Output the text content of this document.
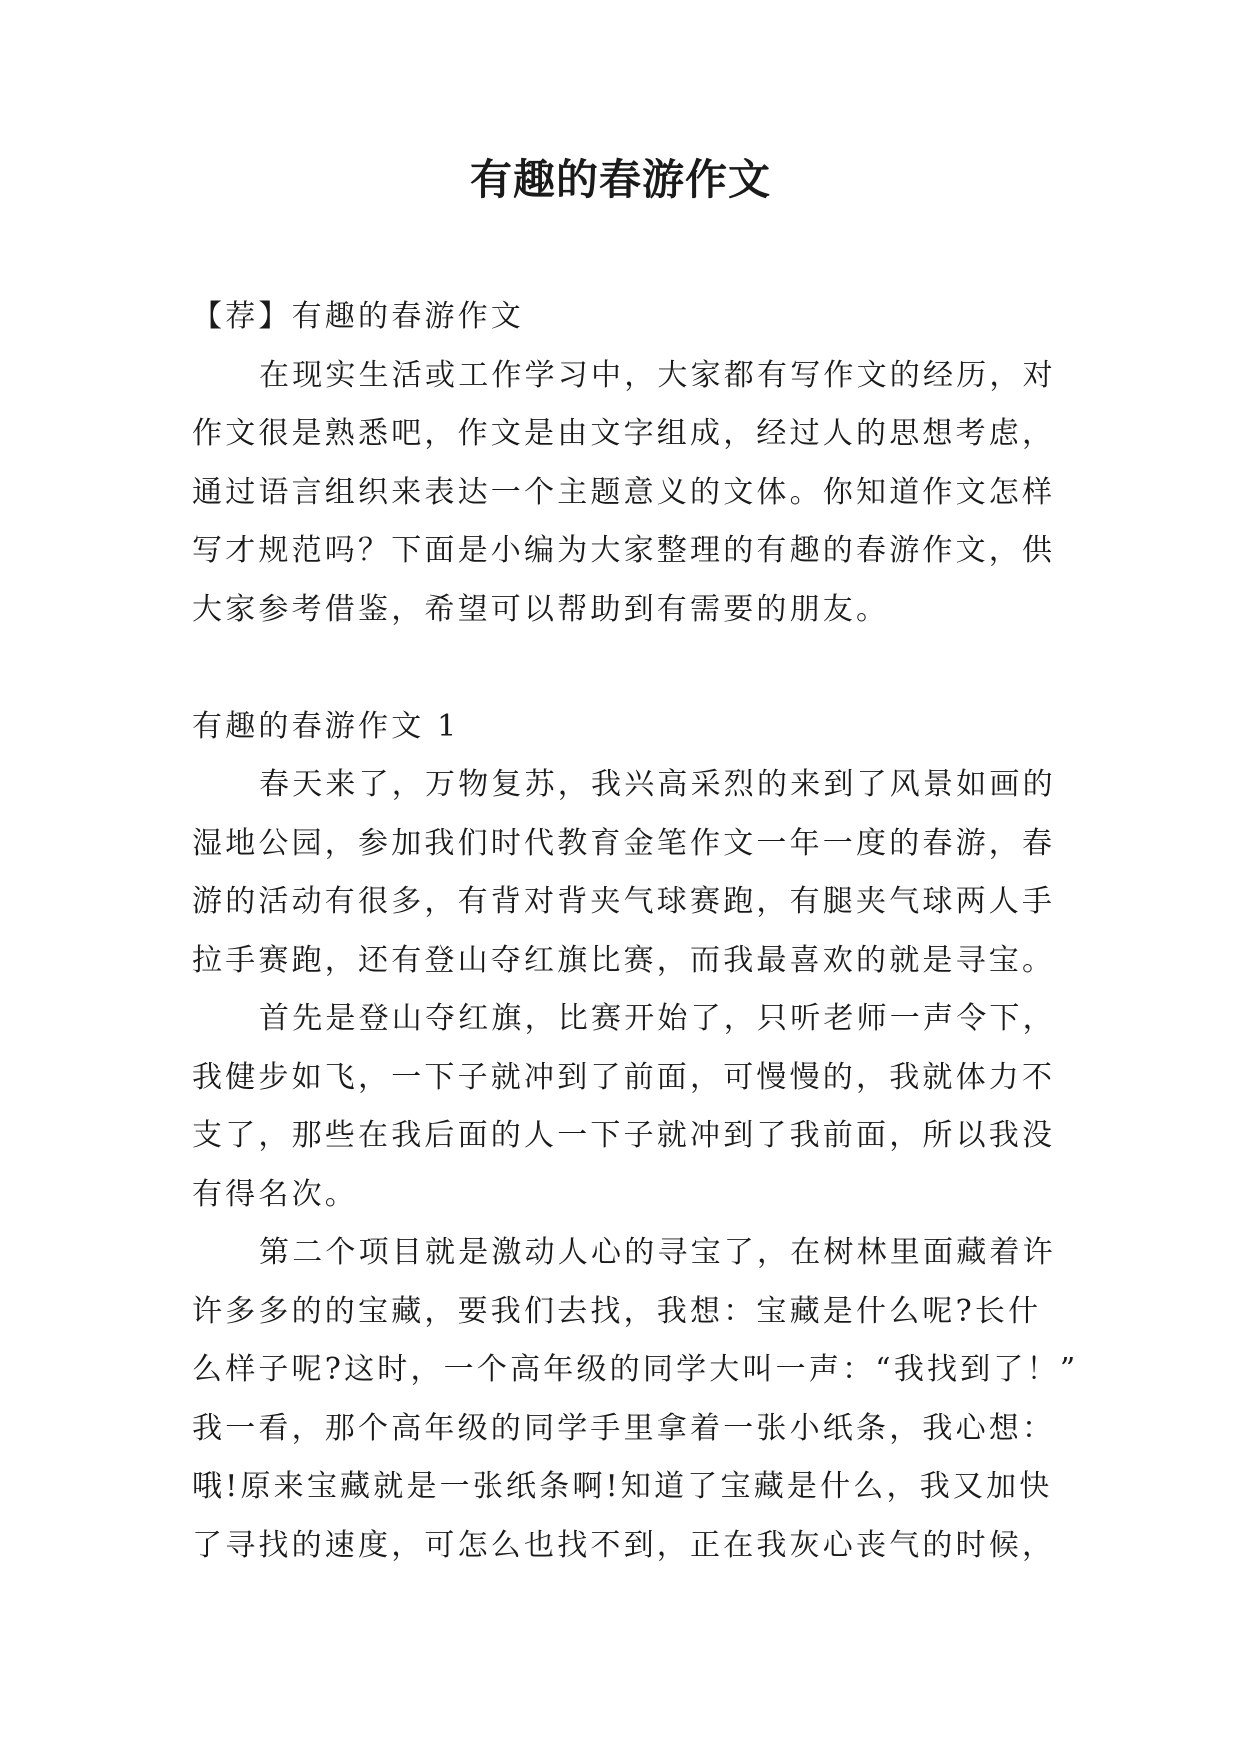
有趣的春游作文
【荐】有趣的春游作文
在现实生活或工作学习中，大家都有写作文的经历，对
作文很是熟悉吧，作文是由文字组成，经过人的思想考虑，
通过语言组织来表达一个主题意义的文体。你知道作文怎样
写才规范吗？下面是小编为大家整理的有趣的春游作文，供
大家参考借鉴，希望可以帮助到有需要的朋友。
有趣的春游作文 1
春天来了，万物复苏，我兴高采烈的来到了风景如画的
湿地公园，参加我们时代教育金笔作文一年一度的春游，春
游的活动有很多，有背对背夹气球赛跑，有腿夹气球两人手
拉手赛跑，还有登山夺红旗比赛，而我最喜欢的就是寻宝。
首先是登山夺红旗，比赛开始了，只听老师一声令下，
我健步如飞，一下子就冲到了前面，可慢慢的，我就体力不
支了，那些在我后面的人一下子就冲到了我前面，所以我没
有得名次。
第二个项目就是激动人心的寻宝了，在树林里面藏着许
许多多的的宝藏，要我们去找，我想：宝藏是什么呢?长什
么样子呢?这时，一个高年级的同学大叫一声：“我找到了！”
我一看，那个高年级的同学手里拿着一张小纸条，我心想：
哦!原来宝藏就是一张纸条啊!知道了宝藏是什么，我又加快
了寻找的速度，可怎么也找不到，正在我灰心丧气的时候，
